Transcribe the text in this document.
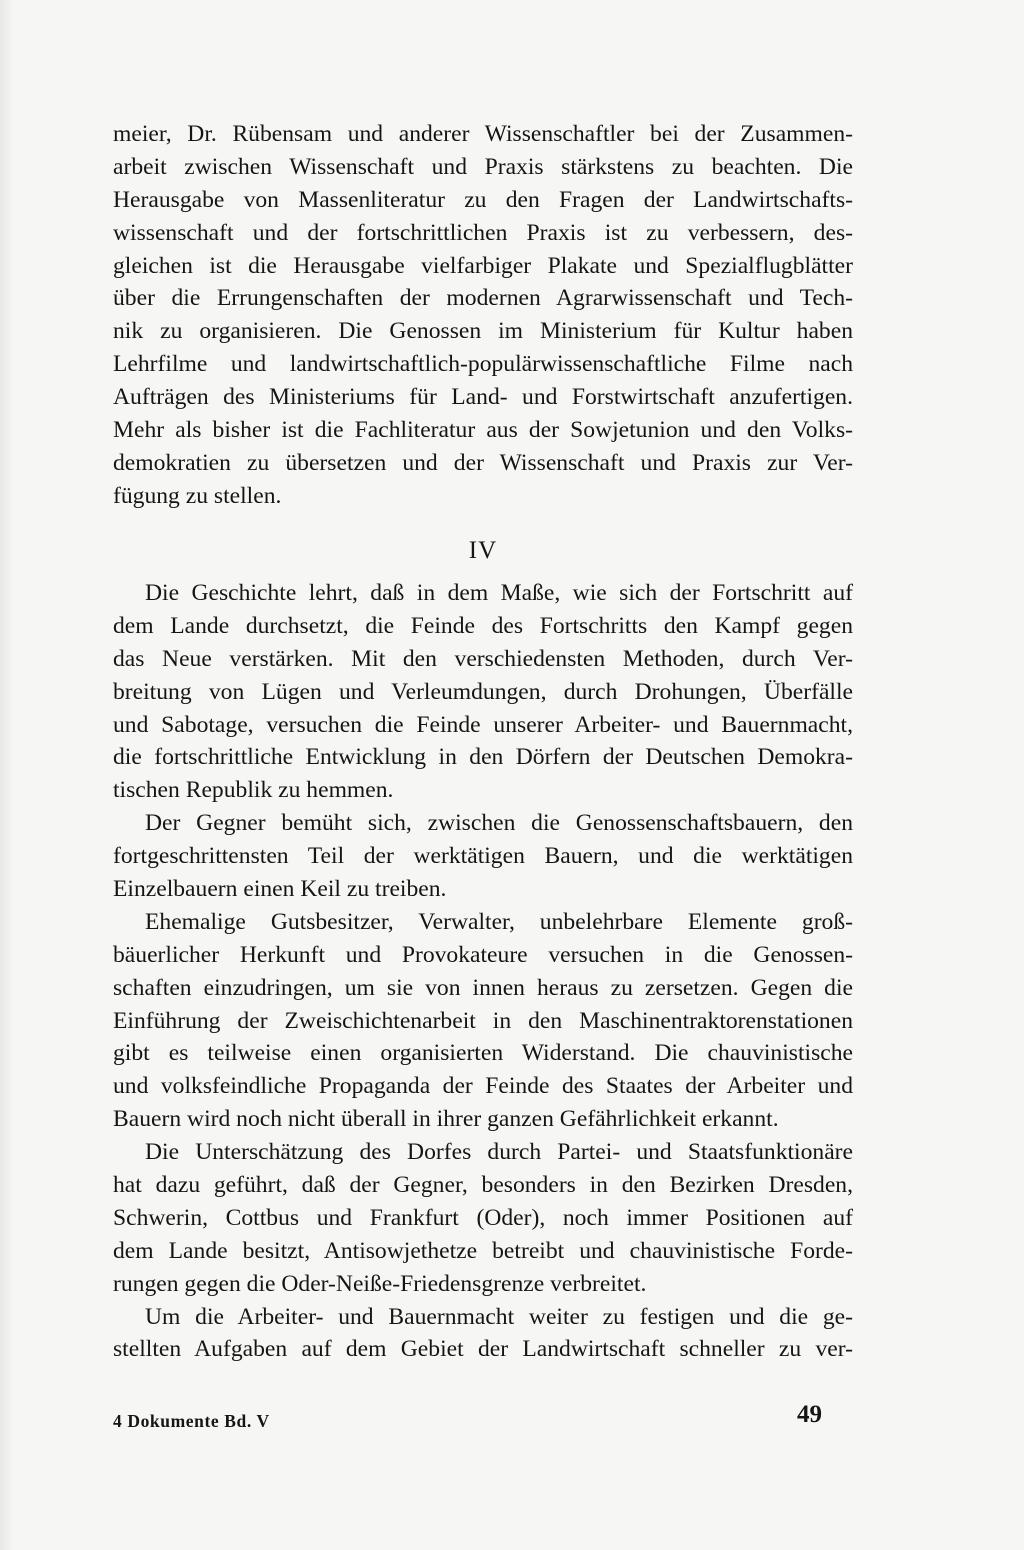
meier, Dr. Rübensam und anderer Wissenschaftler bei der Zusammen-
arbeit zwischen Wissenschaft und Praxis stärkstens zu beachten. Die
Herausgabe von Massenliteratur zu den Fragen der Landwirtschafts-
wissenschaft und der fortschrittlichen Praxis ist zu verbessern, des-
gleichen ist die Herausgabe vielfarbiger Plakate und Spezialflugblätter
über die Errungenschaften der modernen Agrarwissenschaft und Tech-
nik zu organisieren. Die Genossen im Ministerium für Kultur haben
Lehrfilme und landwirtschaftlich-populärwissenschaftliche Filme nach
Aufträgen des Ministeriums für Land- und Forstwirtschaft anzufertigen.
Mehr als bisher ist die Fachliteratur aus der Sowjetunion und den Volks-
demokratien zu übersetzen und der Wissenschaft und Praxis zur Ver-
fügung zu stellen.
IV
Die Geschichte lehrt, daß in dem Maße, wie sich der Fortschritt auf
dem Lande durchsetzt, die Feinde des Fortschritts den Kampf gegen
das Neue verstärken. Mit den verschiedensten Methoden, durch Ver-
breitung von Lügen und Verleumdungen, durch Drohungen, Überfälle
und Sabotage, versuchen die Feinde unserer Arbeiter- und Bauernmacht,
die fortschrittliche Entwicklung in den Dörfern der Deutschen Demokra-
tischen Republik zu hemmen.
Der Gegner bemüht sich, zwischen die Genossenschaftsbauern, den
fortgeschrittensten Teil der werktätigen Bauern, und die werktätigen
Einzelbauern einen Keil zu treiben.
Ehemalige Gutsbesitzer, Verwalter, unbelehrbare Elemente groß-
bäuerlicher Herkunft und Provokateure versuchen in die Genossen-
schaften einzudringen, um sie von innen heraus zu zersetzen. Gegen die
Einführung der Zweischichtenarbeit in den Maschinentraktorenstationen
gibt es teilweise einen organisierten Widerstand. Die chauvinistische
und volksfeindliche Propaganda der Feinde des Staates der Arbeiter und
Bauern wird noch nicht überall in ihrer ganzen Gefährlichkeit erkannt.
Die Unterschätzung des Dorfes durch Partei- und Staatsfunktionäre
hat dazu geführt, daß der Gegner, besonders in den Bezirken Dresden,
Schwerin, Cottbus und Frankfurt (Oder), noch immer Positionen auf
dem Lande besitzt, Antisowjethetze betreibt und chauvinistische Forde-
rungen gegen die Oder-Neiße-Friedensgrenze verbreitet.
Um die Arbeiter- und Bauernmacht weiter zu festigen und die ge-
stellten Aufgaben auf dem Gebiet der Landwirtschaft schneller zu ver-
4 Dokumente Bd. V	49
